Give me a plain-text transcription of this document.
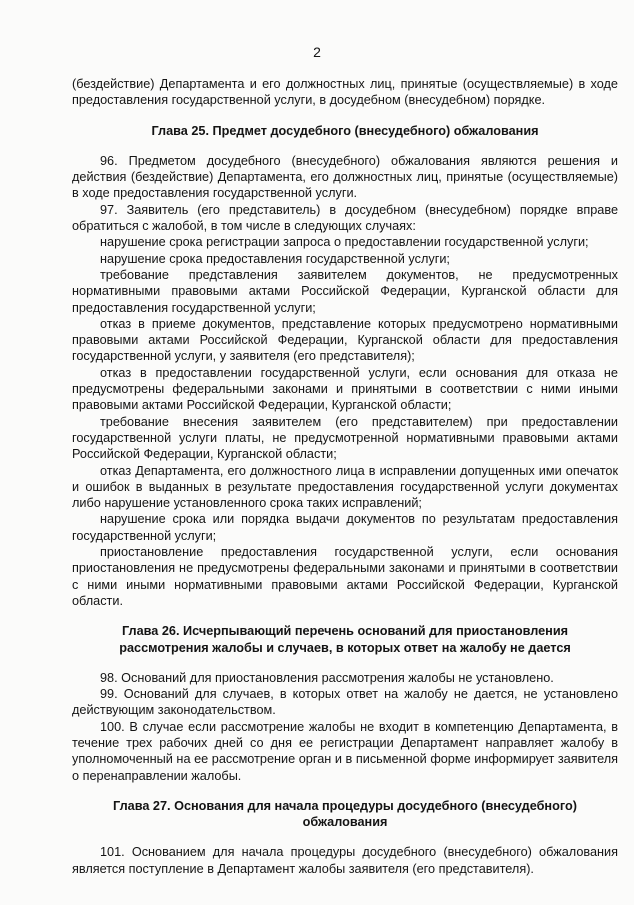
2

(бездействие) Департамента и его должностных лиц, принятые (осуществляемые) в ходе предоставления государственной услуги, в досудебном (внесудебном) порядке.

Глава 25. Предмет досудебного (внесудебного) обжалования

96. Предметом досудебного (внесудебного) обжалования являются решения и действия (бездействие) Департамента, его должностных лиц, принятые (осуществляемые) в ходе предоставления государственной услуги.

97. Заявитель (его представитель) в досудебном (внесудебном) порядке вправе обратиться с жалобой, в том числе в следующих случаях:

нарушение срока регистрации запроса о предоставлении государственной услуги;

нарушение срока предоставления государственной услуги;

требование представления заявителем документов, не предусмотренных нормативными правовыми актами Российской Федерации, Курганской области для предоставления государственной услуги;

отказ в приеме документов, представление которых предусмотрено нормативными правовыми актами Российской Федерации, Курганской области для предоставления государственной услуги, у заявителя (его представителя);

отказ в предоставлении государственной услуги, если основания для отказа не предусмотрены федеральными законами и принятыми в соответствии с ними иными правовыми актами Российской Федерации, Курганской области;

требование внесения заявителем (его представителем) при предоставлении государственной услуги платы, не предусмотренной нормативными правовыми актами Российской Федерации, Курганской области;

отказ Департамента, его должностного лица в исправлении допущенных ими опечаток и ошибок в выданных в результате предоставления государственной услуги документах либо нарушение установленного срока таких исправлений;

нарушение срока или порядка выдачи документов по результатам предоставления государственной услуги;

приостановление предоставления государственной услуги, если основания приостановления не предусмотрены федеральными законами и принятыми в соответствии с ними иными нормативными правовыми актами Российской Федерации, Курганской области.

Глава 26. Исчерпывающий перечень оснований для приостановления рассмотрения жалобы и случаев, в которых ответ на жалобу не дается

98. Оснований для приостановления рассмотрения жалобы не установлено.

99. Оснований для случаев, в которых ответ на жалобу не дается, не установлено действующим законодательством.

100. В случае если рассмотрение жалобы не входит в компетенцию Департамента, в течение трех рабочих дней со дня ее регистрации Департамент направляет жалобу в уполномоченный на ее рассмотрение орган и в письменной форме информирует заявителя о перенаправлении жалобы.

Глава 27. Основания для начала процедуры досудебного (внесудебного) обжалования

101. Основанием для начала процедуры досудебного (внесудебного) обжалования является поступление в Департамент жалобы заявителя (его представителя).
